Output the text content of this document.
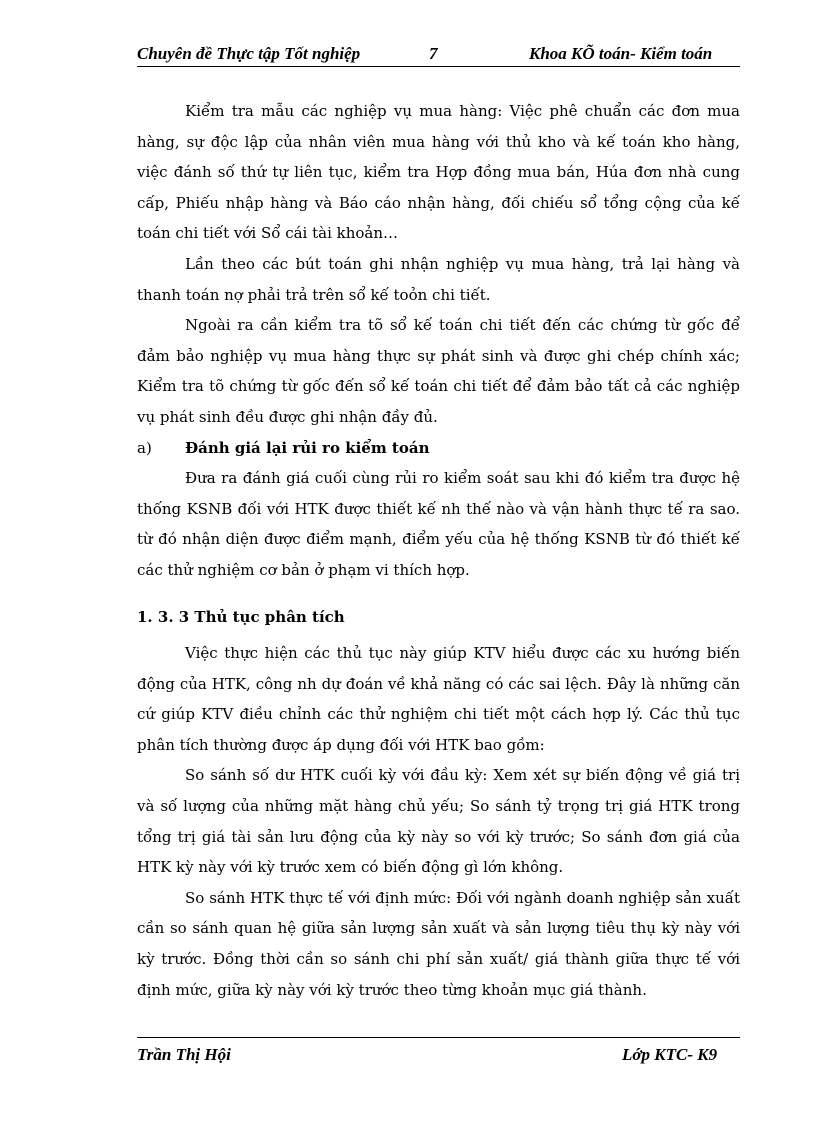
Chuyên đề Thực tập Tốt nghiệp	7	Khoa KÕ toán- Kiểm toán

Kiểm tra mẫu các nghiệp vụ mua hàng: Việc phê chuẩn các đơn mua hàng, sự độc lập của nhân viên mua hàng với thủ kho và kế toán kho hàng, việc đánh số thứ tự liên tục, kiểm tra Hợp đồng mua bán, Húa đơn nhà cung cấp, Phiếu nhập hàng và Báo cáo nhận hàng, đối chiếu sổ tổng cộng của kế toán chi tiết với Sổ cái tài khoản…

Lần theo các bút toán ghi nhận nghiệp vụ mua hàng, trả lại hàng và thanh toán nợ phải trả trên sổ kế toỏn chi tiết.

Ngoài ra cần kiểm tra tõ sổ kế toán chi tiết đến các chứng từ gốc để đảm bảo nghiệp vụ mua hàng thực sự phát sinh và được ghi chép chính xác; Kiểm tra tõ chứng từ gốc đến sổ kế toán chi tiết để đảm bảo tất cả các nghiệp vụ phát sinh đều được ghi nhận đầy đủ.

a) Đánh giá lại rủi ro kiểm toán

Đưa ra đánh giá cuối cùng rủi ro kiểm soát sau khi đó kiểm tra được hệ thống KSNB đối với HTK được thiết kế nh thế nào và vận hành thực tế ra sao. từ đó nhận diện được điểm mạnh, điểm yếu của hệ thống KSNB từ đó thiết kế các thử nghiệm cơ bản ở phạm vi thích hợp.

1. 3. 3 Thủ tục phân tích

Việc thực hiện các thủ tục này giúp KTV hiểu được các xu hướng biến động của HTK, công nh dự đoán về khả năng có các sai lệch. Đây là những căn cứ giúp KTV điều chỉnh các thử nghiệm chi tiết một cách hợp lý. Các thủ tục phân tích thường được áp dụng đối với HTK bao gồm:

So sánh số dư HTK cuối kỳ với đầu kỳ: Xem xét sự biến động về giá trị và số lượng của những mặt hàng chủ yếu; So sánh tỷ trọng trị giá HTK trong tổng trị giá tài sản lưu động của kỳ này so với kỳ trước; So sánh đơn giá của HTK kỳ này với kỳ trước xem có biến động gì lớn không.

So sánh HTK thực tế với định mức: Đối với ngành doanh nghiệp sản xuất cần so sánh quan hệ giữa sản lượng sản xuất và sản lượng tiêu thụ kỳ này với kỳ trước. Đồng thời cần so sánh chi phí sản xuất/ giá thành giữa thực tế với định mức, giữa kỳ này với kỳ trước theo từng khoản mục giá thành.

Trần Thị Hội	Lớp KTC- K9
